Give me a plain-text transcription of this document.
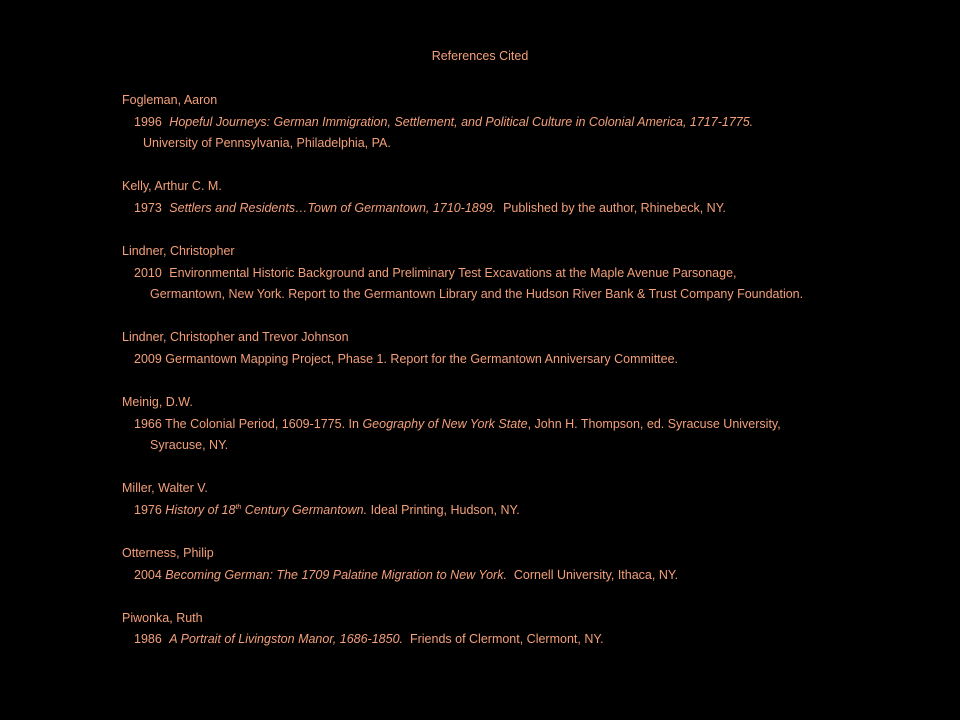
References Cited
Fogleman, Aaron
1996 Hopeful Journeys: German Immigration, Settlement, and Political Culture in Colonial America, 1717-1775.
University of Pennsylvania, Philadelphia, PA.
Kelly, Arthur C. M.
1973 Settlers and Residents…Town of Germantown, 1710-1899. Published by the author, Rhinebeck, NY.
Lindner, Christopher
2010 Environmental Historic Background and Preliminary Test Excavations at the Maple Avenue Parsonage,
Germantown, New York. Report to the Germantown Library and the Hudson River Bank & Trust Company Foundation.
Lindner, Christopher and Trevor Johnson
2009 Germantown Mapping Project, Phase 1. Report for the Germantown Anniversary Committee.
Meinig, D.W.
1966 The Colonial Period, 1609-1775. In Geography of New York State, John H. Thompson, ed. Syracuse University,
Syracuse, NY.
Miller, Walter V.
1976 History of 18th Century Germantown. Ideal Printing, Hudson, NY.
Otterness, Philip
2004 Becoming German: The 1709 Palatine Migration to New York. Cornell University, Ithaca, NY.
Piwonka, Ruth
1986 A Portrait of Livingston Manor, 1686-1850. Friends of Clermont, Clermont, NY.
